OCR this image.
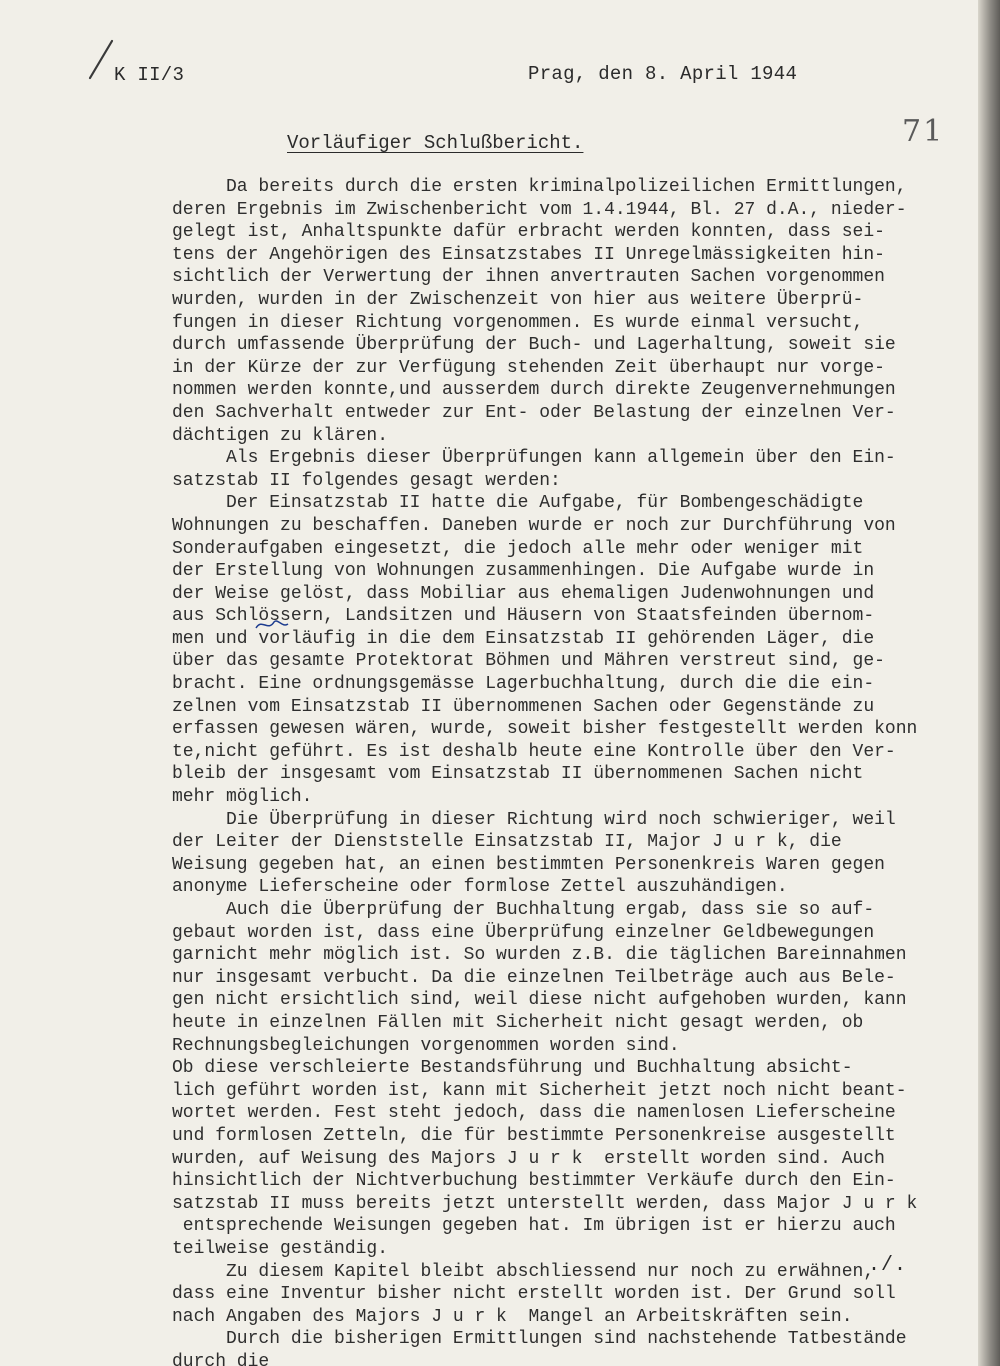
K II/3	Prag, den 8. April 1944
71
Vorläufiger Schlußbericht.
Da bereits durch die ersten kriminalpolizeilichen Ermittlungen,
deren Ergebnis im Zwischenbericht vom 1.4.1944, Bl. 27 d.A., nieder-
gelegt ist, Anhaltspunkte dafür erbracht werden konnten, dass sei-
tens der Angehörigen des Einsatzstabes II Unregelmässigkeiten hin-
sichtlich der Verwertung der ihnen anvertrauten Sachen vorgenommen
wurden, wurden in der Zwischenzeit von hier aus weitere Überprü-
fungen in dieser Richtung vorgenommen. Es wurde einmal versucht,
durch umfassende Überprüfung der Buch- und Lagerhaltung, soweit sie
in der Kürze der zur Verfügung stehenden Zeit überhaupt nur vorge-
nommen werden konnte,und ausserdem durch direkte Zeugenvernehmungen
den Sachverhalt entweder zur Ent- oder Belastung der einzelnen Ver-
dächtigen zu klären.
Als Ergebnis dieser Überprüfungen kann allgemein über den Ein-
satzstab II folgendes gesagt werden:
Der Einsatzstab II hatte die Aufgabe, für Bombengeschädigte
Wohnungen zu beschaffen. Daneben wurde er noch zur Durchführung von
Sonderaufgaben eingesetzt, die jedoch alle mehr oder weniger mit
der Erstellung von Wohnungen zusammenhingen. Die Aufgabe wurde in
der Weise gelöst, dass Mobiliar aus ehemaligen Judenwohnungen und
aus Schlössern, Landsitzen und Häusern von Staatsfeinden übernom-
men und vorläufig in die dem Einsatzstab II gehörenden Läger, die
über das gesamte Protektorat Böhmen und Mähren verstreut sind, ge-
bracht. Eine ordnungsgemässe Lagerbuchhaltung, durch die die ein-
zelnen vom Einsatzstab II übernommenen Sachen oder Gegenstände zu
erfassen gewesen wären, wurde, soweit bisher festgestellt werden konn
te,nicht geführt. Es ist deshalb heute eine Kontrolle über den Ver-
bleib der insgesamt vom Einsatzstab II übernommenen Sachen nicht
mehr möglich.
Die Überprüfung in dieser Richtung wird noch schwieriger, weil
der Leiter der Dienststelle Einsatzstab II, Major J u r k, die
Weisung gegeben hat, an einen bestimmten Personenkreis Waren gegen
anonyme Lieferscheine oder formlose Zettel auszuhändigen.
Auch die Überprüfung der Buchhaltung ergab, dass sie so auf-
gebaut worden ist, dass eine Überprüfung einzelner Geldbewegungen
garnicht mehr möglich ist. So wurden z.B. die täglichen Bareinnahmen
nur insgesamt verbucht. Da die einzelnen Teilbeträge auch aus Bele-
gen nicht ersichtlich sind, weil diese nicht aufgehoben wurden, kann
heute in einzelnen Fällen mit Sicherheit nicht gesagt werden, ob
Rechnungsbegleichungen vorgenommen worden sind.
Ob diese verschleierte Bestandsführung und Buchhaltung absicht-
lich geführt worden ist, kann mit Sicherheit jetzt noch nicht beant-
wortet werden. Fest steht jedoch, dass die namenlosen Lieferscheine
und formlosen Zetteln, die für bestimmte Personenkreise ausgestellt
wurden, auf Weisung des Majors J u r k  erstellt worden sind. Auch
hinsichtlich der Nichtverbuchung bestimmter Verkäufe durch den Ein-
satzstab II muss bereits jetzt unterstellt werden, dass Major J u r k
entsprechende Weisungen gegeben hat. Im übrigen ist er hierzu auch
teilweise geständig.
Zu diesem Kapitel bleibt abschliessend nur noch zu erwähnen,
dass eine Inventur bisher nicht erstellt worden ist. Der Grund soll
nach Angaben des Majors J u r k  Mangel an Arbeitskräften sein.
Durch die bisherigen Ermittlungen sind nachstehende Tatbestände
durch die
./.
